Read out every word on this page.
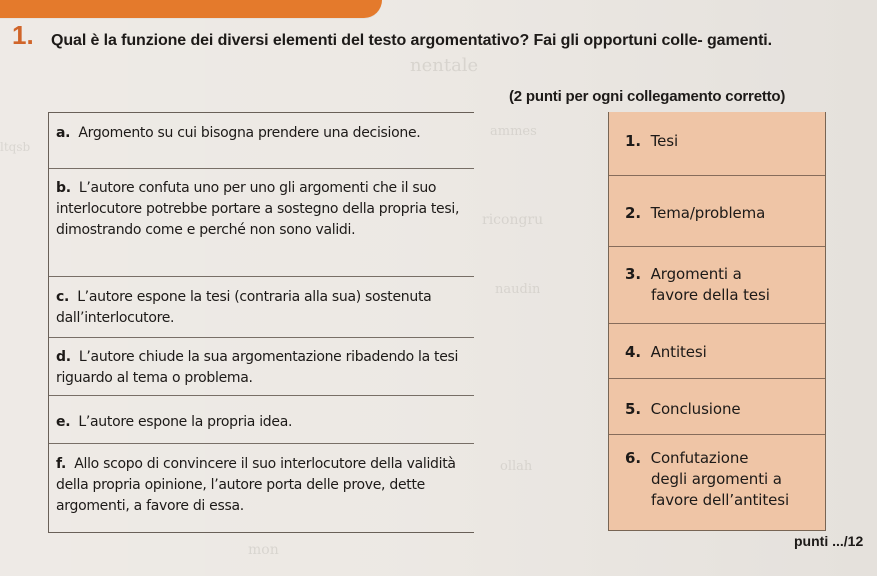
nentale
ammes
ricongru
naudin
ollah
mon
ltqsb
1. Qual è la funzione dei diversi elementi del testo argomentativo? Fai gli opportuni colle- gamenti.
(2 punti per ogni collegamento corretto)
a. Argomento su cui bisogna prendere una decisione.
b. L’autore confuta uno per uno gli argomenti che il suo interlocutore potrebbe portare a sostegno della propria tesi, dimostrando come e perché non sono validi.
c. L’autore espone la tesi (contraria alla sua) sostenuta dall’interlocutore.
d. L’autore chiude la sua argomentazione ribadendo la tesi riguardo al tema o problema.
e. L’autore espone la propria idea.
f. Allo scopo di convincere il suo interlocutore della validità della propria opinione, l’autore porta delle prove, dette argomenti, a favore di essa.
1. Tesi
2. Tema/problema
3. Argomenti a
favore della tesi
4. Antitesi
5. Conclusione
6. Confutazione
degli argomenti a
favore dell’antitesi
punti .../12
